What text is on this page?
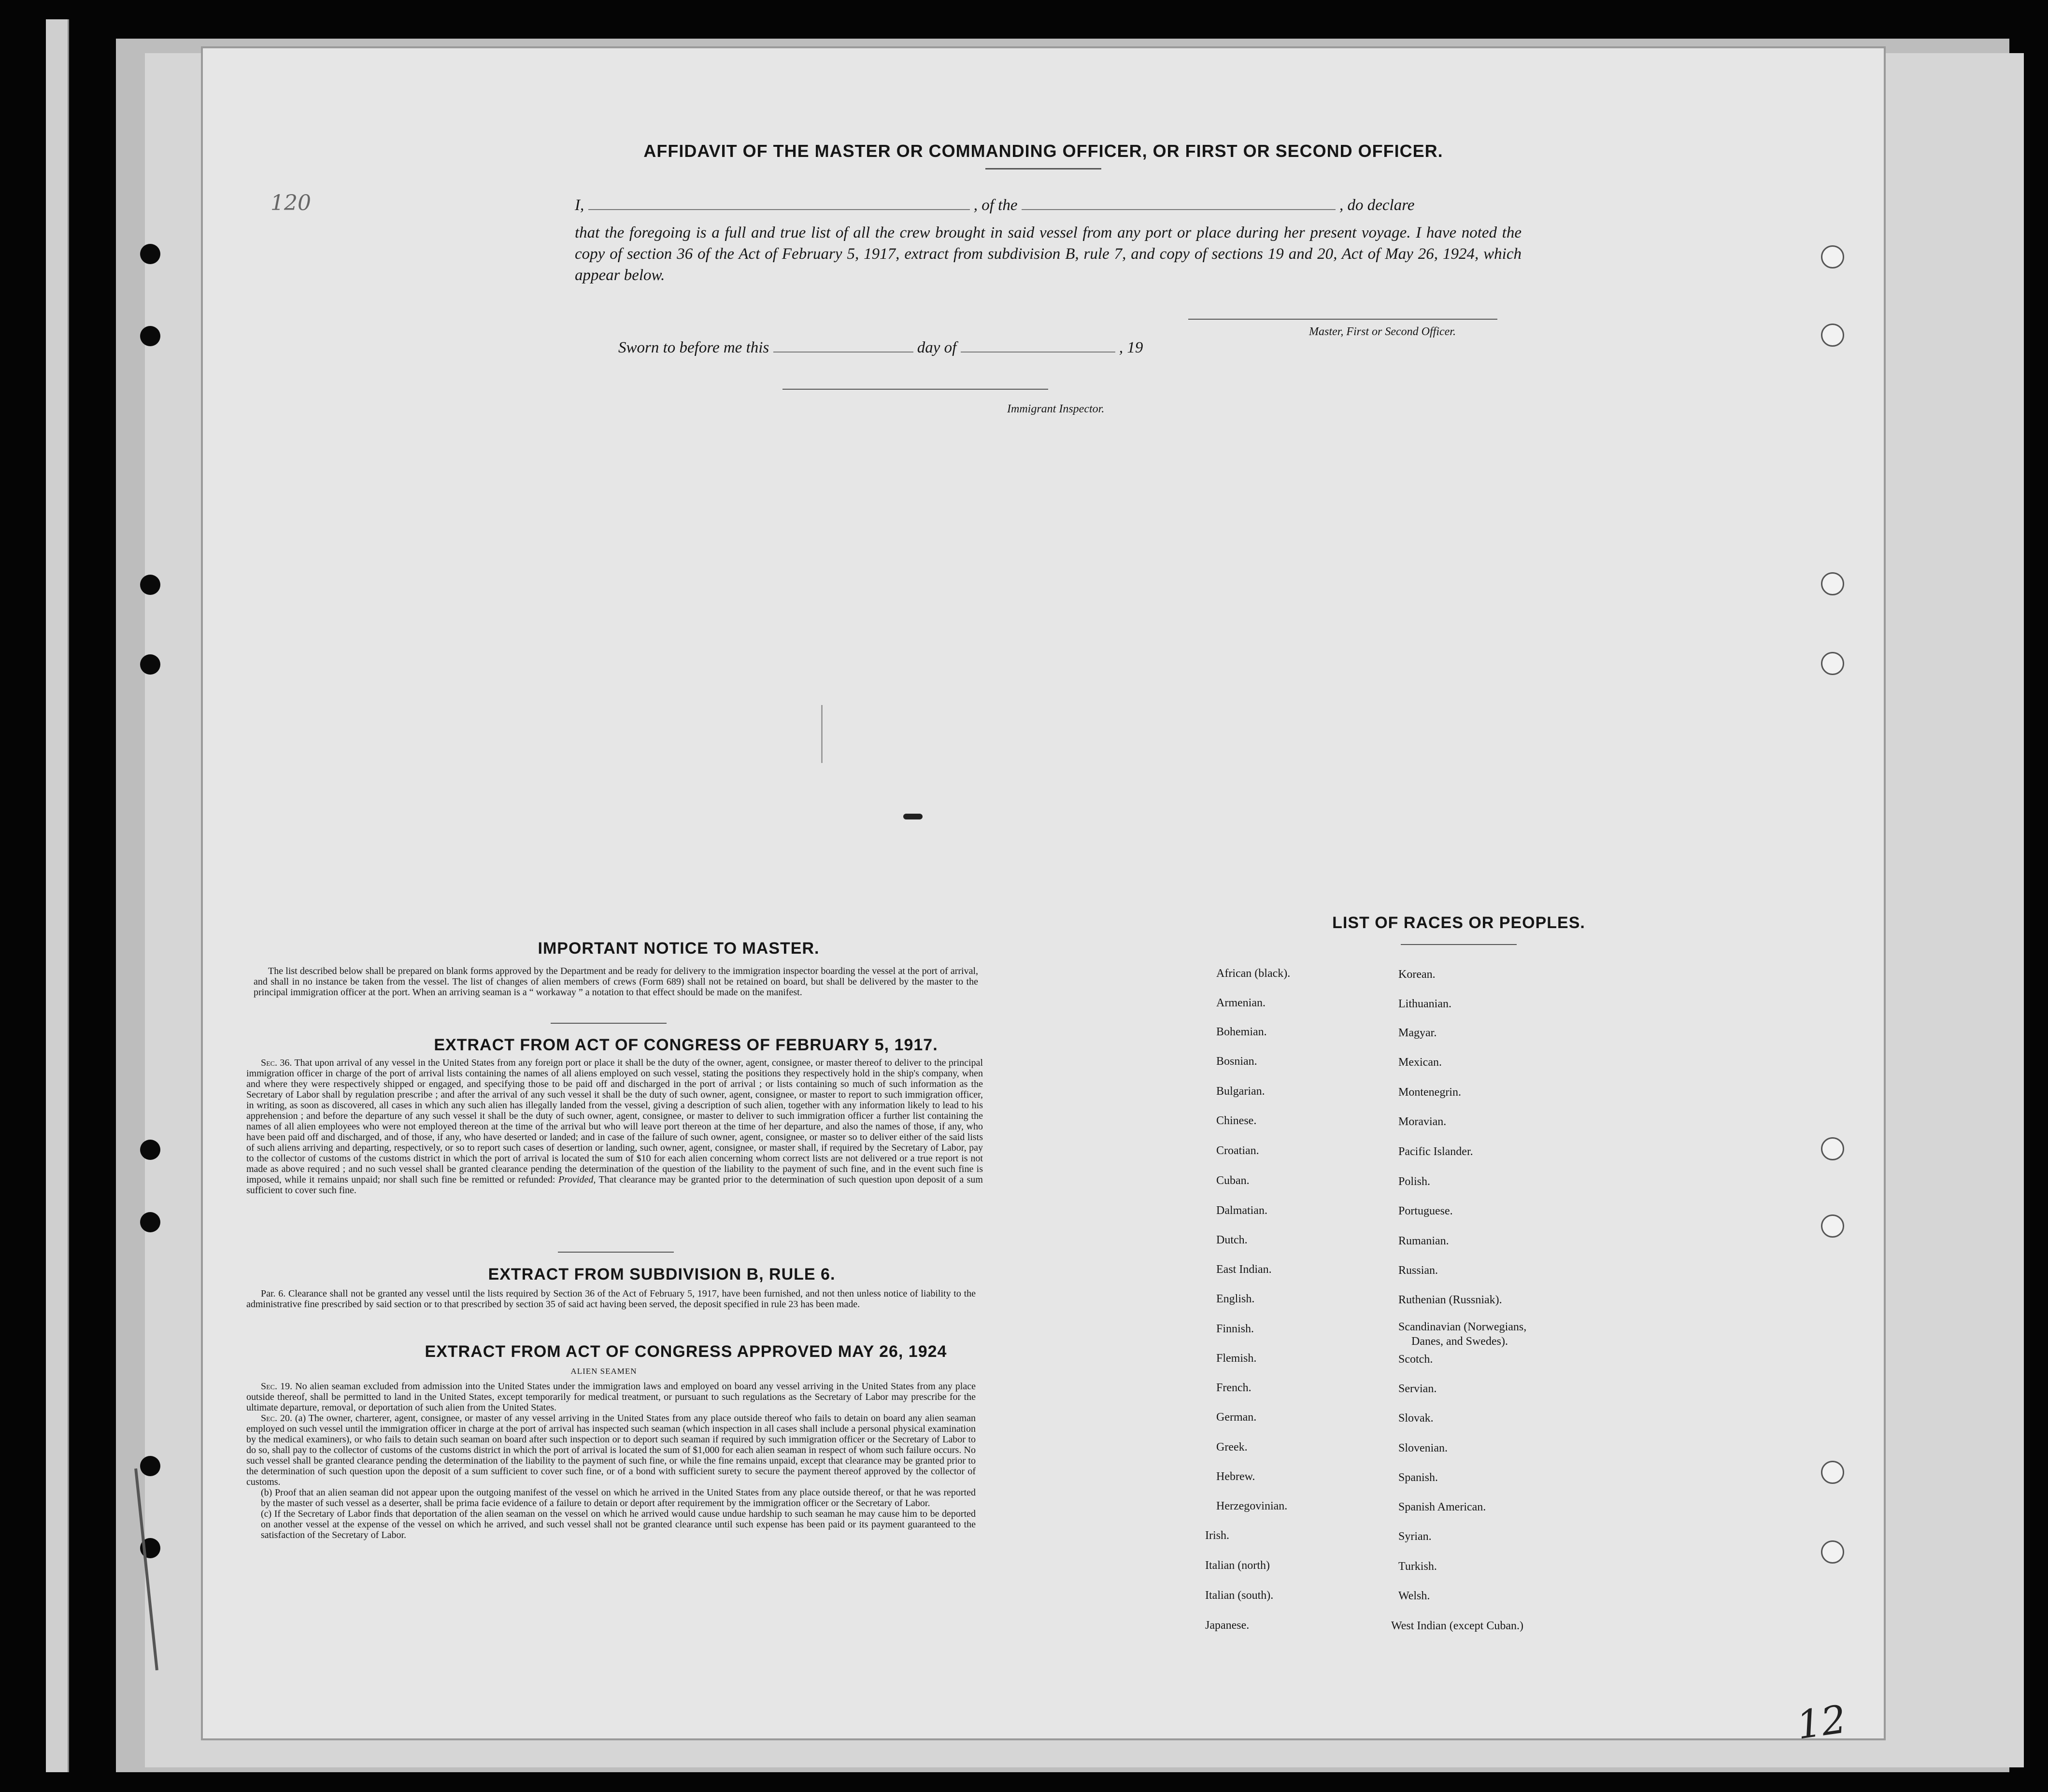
120
AFFIDAVIT OF THE MASTER OR COMMANDING OFFICER, OR FIRST OR SECOND OFFICER.
I,	, of the	, do declare
that the foregoing is a full and true list of all the crew brought in said vessel from any port or place during her present voyage. I have noted the copy of section 36 of the Act of February 5, 1917, extract from subdivision B, rule 7, and copy of sections 19 and 20, Act of May 26, 1924, which appear below.
Master, First or Second Officer.
Sworn to before me this	day of	, 19
Immigrant Inspector.
IMPORTANT NOTICE TO MASTER.
The list described below shall be prepared on blank forms approved by the Department and be ready for delivery to the immigration inspector boarding the vessel at the port of arrival, and shall in no instance be taken from the vessel. The list of changes of alien members of crews (Form 689) shall not be retained on board, but shall be delivered by the master to the principal immigration officer at the port. When an arriving seaman is a “ workaway ” a notation to that effect should be made on the manifest.
EXTRACT FROM ACT OF CONGRESS OF FEBRUARY 5, 1917.
Sec. 36. That upon arrival of any vessel in the United States from any foreign port or place it shall be the duty of the owner, agent, consignee, or master thereof to deliver to the principal immigration officer in charge of the port of arrival lists containing the names of all aliens employed on such vessel, stating the positions they respectively hold in the ship's company, when and where they were respectively shipped or engaged, and specifying those to be paid off and discharged in the port of arrival ; or lists containing so much of such information as the Secretary of Labor shall by regulation prescribe ; and after the arrival of any such vessel it shall be the duty of such owner, agent, consignee, or master to report to such immigration officer, in writing, as soon as discovered, all cases in which any such alien has illegally landed from the vessel, giving a description of such alien, together with any information likely to lead to his apprehension ; and before the departure of any such vessel it shall be the duty of such owner, agent, consignee, or master to deliver to such immigration officer a further list containing the names of all alien employees who were not employed thereon at the time of the arrival but who will leave port thereon at the time of her departure, and also the names of those, if any, who have been paid off and discharged, and of those, if any, who have deserted or landed; and in case of the failure of such owner, agent, consignee, or master so to deliver either of the said lists of such aliens arriving and departing, respectively, or so to report such cases of desertion or landing, such owner, agent, consignee, or master shall, if required by the Secretary of Labor, pay to the collector of customs of the customs district in which the port of arrival is located the sum of $10 for each alien concerning whom correct lists are not delivered or a true report is not made as above required ; and no such vessel shall be granted clearance pending the determination of the question of the liability to the payment of such fine, and in the event such fine is imposed, while it remains unpaid; nor shall such fine be remitted or refunded: Provided, That clearance may be granted prior to the determination of such question upon deposit of a sum sufficient to cover such fine.
EXTRACT FROM SUBDIVISION B, RULE 6.
Par. 6. Clearance shall not be granted any vessel until the lists required by Section 36 of the Act of February 5, 1917, have been furnished, and not then unless notice of liability to the administrative fine prescribed by said section or to that prescribed by section 35 of said act having been served, the deposit specified in rule 23 has been made.
EXTRACT FROM ACT OF CONGRESS APPROVED MAY 26, 1924
ALIEN SEAMEN
Sec. 19. No alien seaman excluded from admission into the United States under the immigration laws and employed on board any vessel arriving in the United States from any place outside thereof, shall be permitted to land in the United States, except temporarily for medical treatment, or pursuant to such regulations as the Secretary of Labor may prescribe for the ultimate departure, removal, or deportation of such alien from the United States.
Sec. 20. (a) The owner, charterer, agent, consignee, or master of any vessel arriving in the United States from any place outside thereof who fails to detain on board any alien seaman employed on such vessel until the immigration officer in charge at the port of arrival has inspected such seaman (which inspection in all cases shall include a personal physical examination by the medical examiners), or who fails to detain such seaman on board after such inspection or to deport such seaman if required by such immigration officer or the Secretary of Labor to do so, shall pay to the collector of customs of the customs district in which the port of arrival is located the sum of $1,000 for each alien seaman in respect of whom such failure occurs. No such vessel shall be granted clearance pending the determination of the liability to the payment of such fine, or while the fine remains unpaid, except that clearance may be granted prior to the determination of such question upon the deposit of a sum sufficient to cover such fine, or of a bond with sufficient surety to secure the payment thereof approved by the collector of customs.
(b) Proof that an alien seaman did not appear upon the outgoing manifest of the vessel on which he arrived in the United States from any place outside thereof, or that he was reported by the master of such vessel as a deserter, shall be prima facie evidence of a failure to detain or deport after requirement by the immigration officer or the Secretary of Labor.
(c) If the Secretary of Labor finds that deportation of the alien seaman on the vessel on which he arrived would cause undue hardship to such seaman he may cause him to be deported on another vessel at the expense of the vessel on which he arrived, and such vessel shall not be granted clearance until such expense has been paid or its payment guaranteed to the satisfaction of the Secretary of Labor.
LIST OF RACES OR PEOPLES.
African (black).
Armenian.
Bohemian.
Bosnian.
Bulgarian.
Chinese.
Croatian.
Cuban.
Dalmatian.
Dutch.
East Indian.
English.
Finnish.
Flemish.
French.
German.
Greek.
Hebrew.
Herzegovinian.
Irish.
Italian (north)
Italian (south).
Japanese.
Korean.
Lithuanian.
Magyar.
Mexican.
Montenegrin.
Moravian.
Pacific Islander.
Polish.
Portuguese.
Rumanian.
Russian.
Ruthenian (Russniak).
Scandinavian (Norwegians,
Danes, and Swedes).
Scotch.
Servian.
Slovak.
Slovenian.
Spanish.
Spanish American.
Syrian.
Turkish.
Welsh.
West Indian (except Cuban.)
12
